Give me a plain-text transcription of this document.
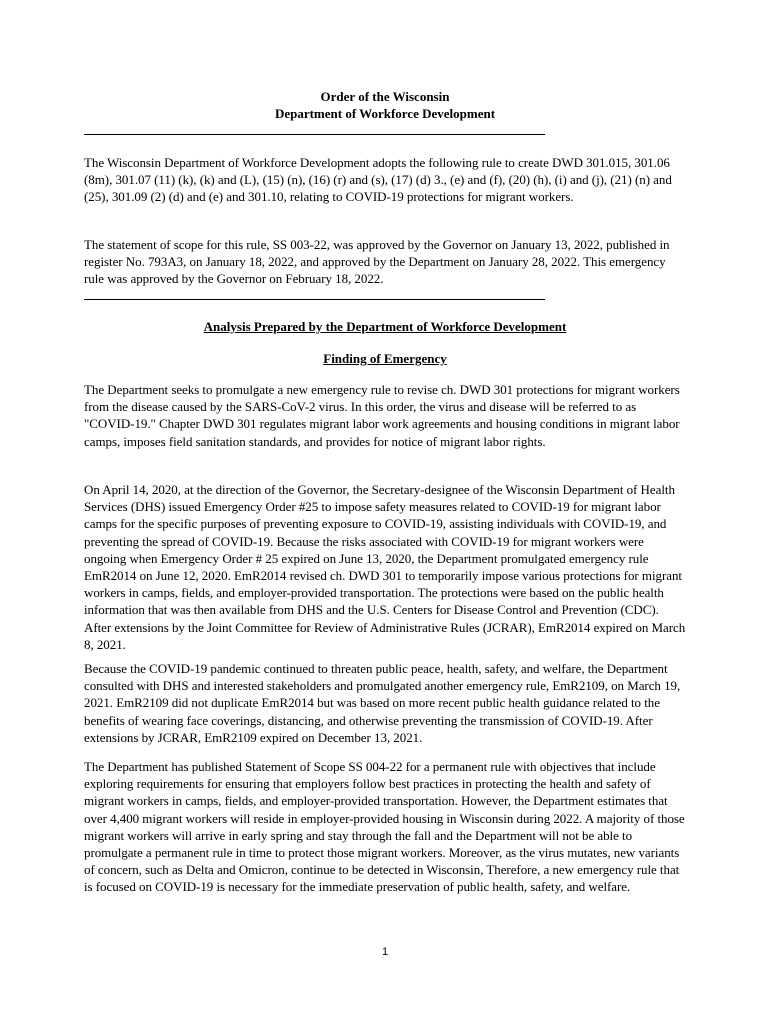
Order of the Wisconsin
Department of Workforce Development

The Wisconsin Department of Workforce Development adopts the following rule to create DWD 301.015, 301.06 (8m), 301.07 (11) (k), (k) and (L), (15) (n), (16) (r) and (s), (17) (d) 3., (e) and (f), (20) (h), (i) and (j), (21) (n) and (25), 301.09 (2) (d) and (e) and 301.10, relating to COVID-19 protections for migrant workers.

The statement of scope for this rule, SS 003-22, was approved by the Governor on January 13, 2022, published in register No. 793A3, on January 18, 2022, and approved by the Department on January 28, 2022. This emergency rule was approved by the Governor on February 18, 2022.

Analysis Prepared by the Department of Workforce Development
Finding of Emergency

The Department seeks to promulgate a new emergency rule to revise ch. DWD 301 protections for migrant workers from the disease caused by the SARS-CoV-2 virus. In this order, the virus and disease will be referred to as "COVID-19." Chapter DWD 301 regulates migrant labor work agreements and housing conditions in migrant labor camps, imposes field sanitation standards, and provides for notice of migrant labor rights.

On April 14, 2020, at the direction of the Governor, the Secretary-designee of the Wisconsin Department of Health Services (DHS) issued Emergency Order #25 to impose safety measures related to COVID-19 for migrant labor camps for the specific purposes of preventing exposure to COVID-19, assisting individuals with COVID-19, and preventing the spread of COVID-19. Because the risks associated with COVID-19 for migrant workers were ongoing when Emergency Order # 25 expired on June 13, 2020, the Department promulgated emergency rule EmR2014 on June 12, 2020. EmR2014 revised ch. DWD 301 to temporarily impose various protections for migrant workers in camps, fields, and employer-provided transportation. The protections were based on the public health information that was then available from DHS and the U.S. Centers for Disease Control and Prevention (CDC). After extensions by the Joint Committee for Review of Administrative Rules (JCRAR), EmR2014 expired on March 8, 2021.

Because the COVID-19 pandemic continued to threaten public peace, health, safety, and welfare, the Department consulted with DHS and interested stakeholders and promulgated another emergency rule, EmR2109, on March 19, 2021. EmR2109 did not duplicate EmR2014 but was based on more recent public health guidance related to the benefits of wearing face coverings, distancing, and otherwise preventing the transmission of COVID-19. After extensions by JCRAR, EmR2109 expired on December 13, 2021.

The Department has published Statement of Scope SS 004-22 for a permanent rule with objectives that include exploring requirements for ensuring that employers follow best practices in protecting the health and safety of migrant workers in camps, fields, and employer-provided transportation. However, the Department estimates that over 4,400 migrant workers will reside in employer-provided housing in Wisconsin during 2022. A majority of those migrant workers will arrive in early spring and stay through the fall and the Department will not be able to promulgate a permanent rule in time to protect those migrant workers. Moreover, as the virus mutates, new variants of concern, such as Delta and Omicron, continue to be detected in Wisconsin, Therefore, a new emergency rule that is focused on COVID-19 is necessary for the immediate preservation of public health, safety, and welfare.

1
